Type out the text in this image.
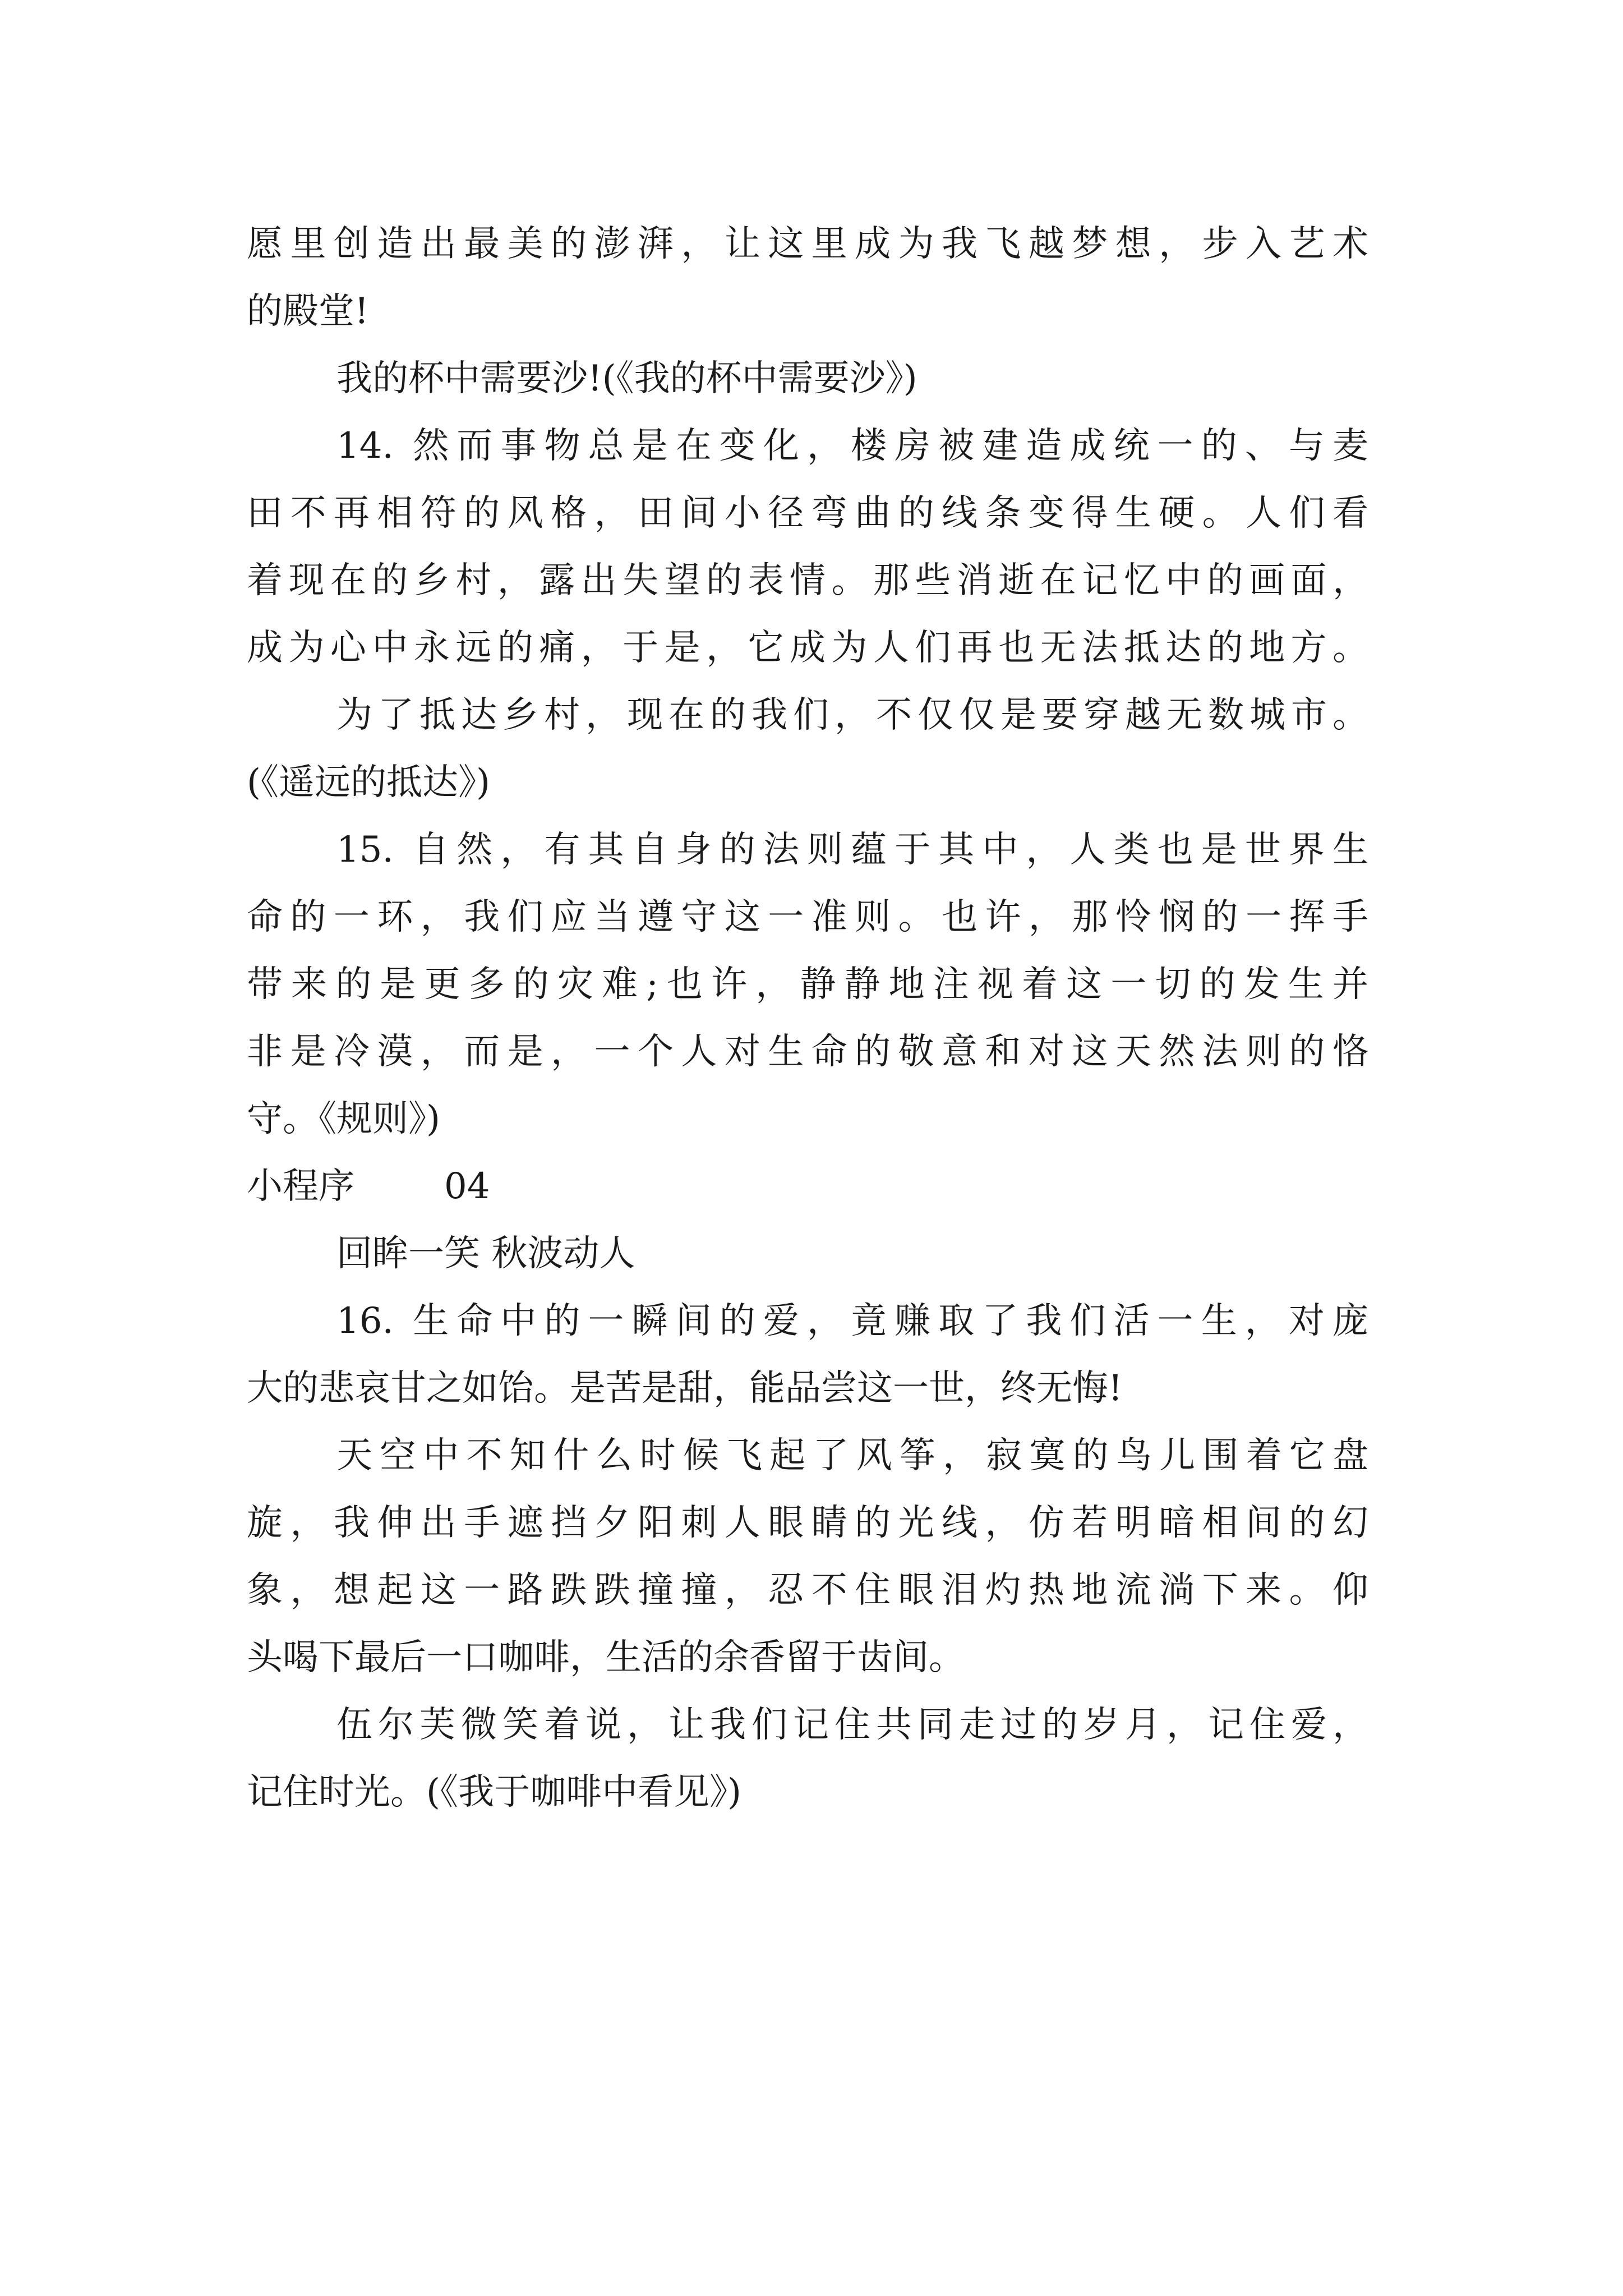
愿里创造出最美的澎湃，让这里成为我飞越梦想，步入艺术
的殿堂!
我的杯中需要沙!(《我的杯中需要沙》)
14. 然而事物总是在变化，楼房被建造成统一的、与麦
田不再相符的风格，田间小径弯曲的线条变得生硬。人们看
着现在的乡村，露出失望的表情。那些消逝在记忆中的画面，
成为心中永远的痛，于是，它成为人们再也无法抵达的地方。
为了抵达乡村，现在的我们，不仅仅是要穿越无数城市。
(《遥远的抵达》)
15. 自然，有其自身的法则蕴于其中，人类也是世界生
命的一环，我们应当遵守这一准则。也许，那怜悯的一挥手
带来的是更多的灾难;也许，静静地注视着这一切的发生并
非是冷漠，而是，一个人对生命的敬意和对这天然法则的恪
守。《规则》)
小程序	04
回眸一笑 秋波动人
16. 生命中的一瞬间的爱，竟赚取了我们活一生，对庞
大的悲哀甘之如饴。是苦是甜，能品尝这一世，终无悔!
天空中不知什么时候飞起了风筝，寂寞的鸟儿围着它盘
旋，我伸出手遮挡夕阳刺人眼睛的光线，仿若明暗相间的幻
象，想起这一路跌跌撞撞，忍不住眼泪灼热地流淌下来。仰
头喝下最后一口咖啡，生活的余香留于齿间。
伍尔芙微笑着说，让我们记住共同走过的岁月，记住爱，
记住时光。(《我于咖啡中看见》)
